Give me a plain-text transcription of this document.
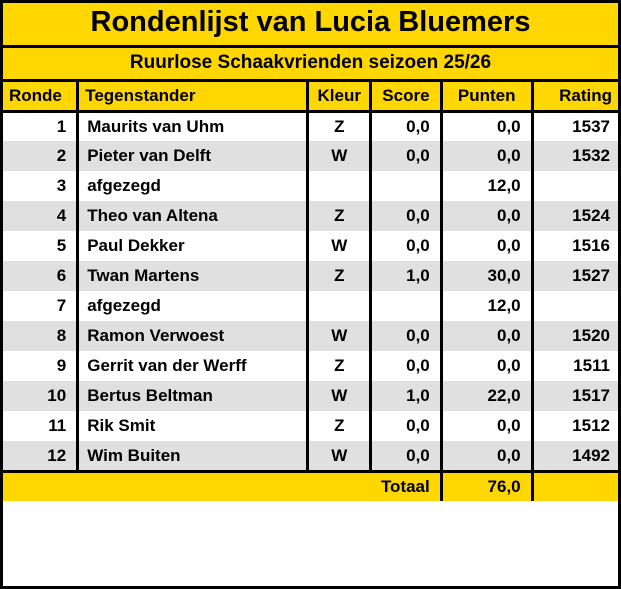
Rondenlijst van Lucia Bluemers
Ruurlose Schaakvrienden seizoen 25/26
Ronde	Tegenstander	Kleur	Score	Punten	Rating
1	Maurits van Uhm	Z	0,0	0,0	1537
2	Pieter van Delft	W	0,0	0,0	1532
3	afgezegd			12,0	
4	Theo van Altena	Z	0,0	0,0	1524
5	Paul Dekker	W	0,0	0,0	1516
6	Twan Martens	Z	1,0	30,0	1527
7	afgezegd			12,0	
8	Ramon Verwoest	W	0,0	0,0	1520
9	Gerrit van der Werff	Z	0,0	0,0	1511
10	Bertus Beltman	W	1,0	22,0	1517
11	Rik Smit	Z	0,0	0,0	1512
12	Wim Buiten	W	0,0	0,0	1492
Totaal				76,0	
